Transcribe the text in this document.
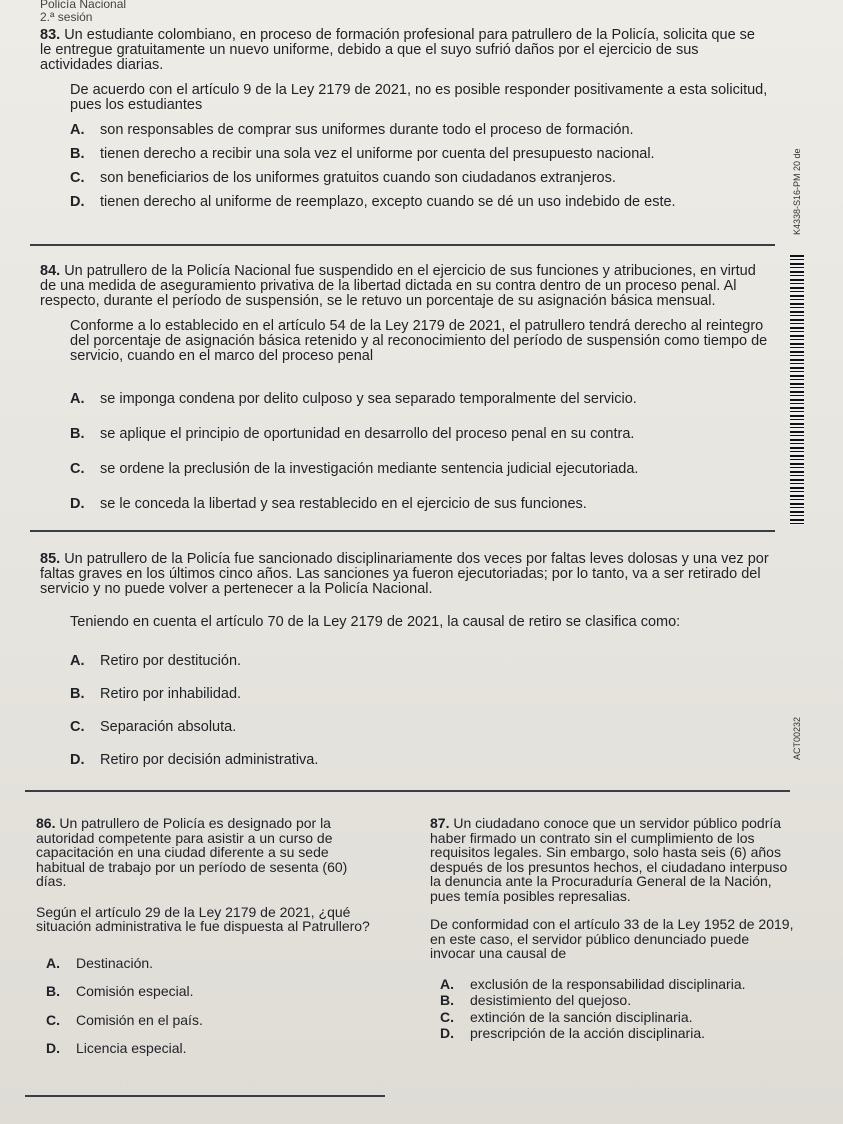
Policía Nacional
2.ª sesión

83. Un estudiante colombiano, en proceso de formación profesional para patrullero de la Policía, solicita que se le entregue gratuitamente un nuevo uniforme, debido a que el suyo sufrió daños por el ejercicio de sus actividades diarias.

De acuerdo con el artículo 9 de la Ley 2179 de 2021, no es posible responder positivamente a esta solicitud, pues los estudiantes

A.	son responsables de comprar sus uniformes durante todo el proceso de formación.
B.	tienen derecho a recibir una sola vez el uniforme por cuenta del presupuesto nacional.
C.	son beneficiarios de los uniformes gratuitos cuando son ciudadanos extranjeros.
D.	tienen derecho al uniforme de reemplazo, excepto cuando se dé un uso indebido de este.

84. Un patrullero de la Policía Nacional fue suspendido en el ejercicio de sus funciones y atribuciones, en virtud de una medida de aseguramiento privativa de la libertad dictada en su contra dentro de un proceso penal. Al respecto, durante el período de suspensión, se le retuvo un porcentaje de su asignación básica mensual.

Conforme a lo establecido en el artículo 54 de la Ley 2179 de 2021, el patrullero tendrá derecho al reintegro del porcentaje de asignación básica retenido y al reconocimiento del período de suspensión como tiempo de servicio, cuando en el marco del proceso penal

A.	se imponga condena por delito culposo y sea separado temporalmente del servicio.
B.	se aplique el principio de oportunidad en desarrollo del proceso penal en su contra.
C.	se ordene la preclusión de la investigación mediante sentencia judicial ejecutoriada.
D.	se le conceda la libertad y sea restablecido en el ejercicio de sus funciones.

85. Un patrullero de la Policía fue sancionado disciplinariamente dos veces por faltas leves dolosas y una vez por faltas graves en los últimos cinco años. Las sanciones ya fueron ejecutoriadas; por lo tanto, va a ser retirado del servicio y no puede volver a pertenecer a la Policía Nacional.

Teniendo en cuenta el artículo 70 de la Ley 2179 de 2021, la causal de retiro se clasifica como:

A.	Retiro por destitución.
B.	Retiro por inhabilidad.
C.	Separación absoluta.
D.	Retiro por decisión administrativa.

86. Un patrullero de Policía es designado por la autoridad competente para asistir a un curso de capacitación en una ciudad diferente a su sede habitual de trabajo por un período de sesenta (60) días.

Según el artículo 29 de la Ley 2179 de 2021, ¿qué situación administrativa le fue dispuesta al Patrullero?

A.	Destinación.
B.	Comisión especial.
C.	Comisión en el país.
D.	Licencia especial.

87. Un ciudadano conoce que un servidor público podría haber firmado un contrato sin el cumplimiento de los requisitos legales. Sin embargo, solo hasta seis (6) años después de los presuntos hechos, el ciudadano interpuso la denuncia ante la Procuraduría General de la Nación, pues temía posibles represalias.

De conformidad con el artículo 33 de la Ley 1952 de 2019, en este caso, el servidor público denunciado puede invocar una causal de

A.	exclusión de la responsabilidad disciplinaria.
B.	desistimiento del quejoso.
C.	extinción de la sanción disciplinaria.
D.	prescripción de la acción disciplinaria.
K4338-S16-PM 20 de
ACT00232
